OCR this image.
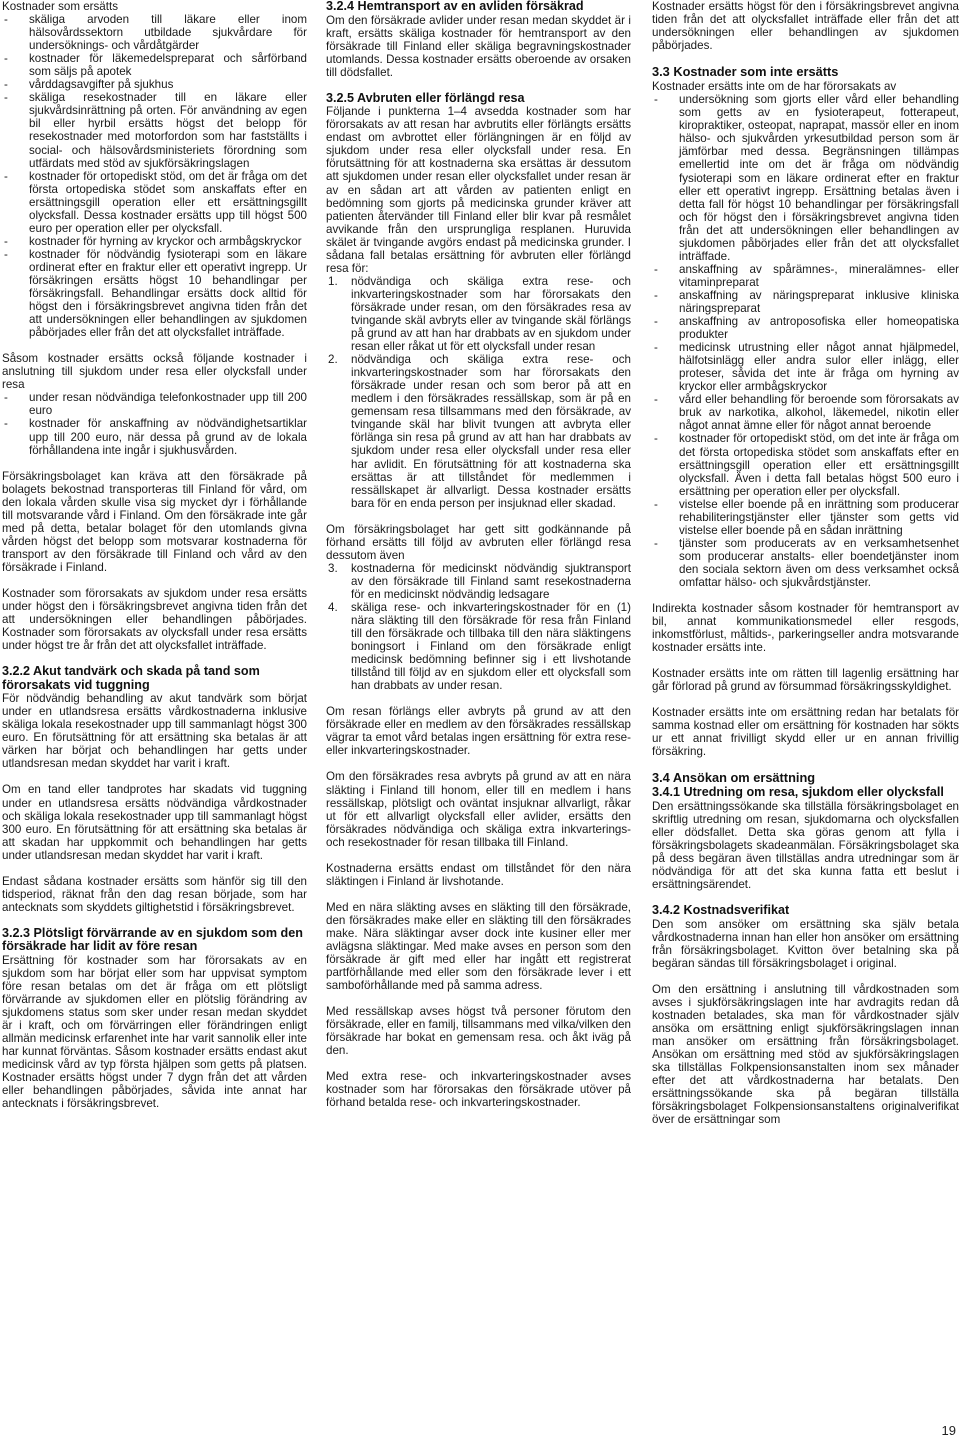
Kostnader som ersätts

- skäliga arvoden till läkare eller inom hälsovårdssektorn utbildade sjukvårdare för undersöknings- och vårdåtgärder
- kostnader för läkemedelspreparat och sårförband som säljs på apotek
- vårddagsavgifter på sjukhus
- skäliga resekostnader till en läkare eller sjukvårdsinrättning på orten. För användning av egen bil eller hyrbil ersätts högst det belopp för resekostnader med motorfordon som har fastställts i social- och hälsovårdsministeriets förordning som utfärdats med stöd av sjukförsäkringslagen
- kostnader för ortopediskt stöd, om det är fråga om det första ortopediska stödet som anskaffats efter en ersättningsgill operation eller ett ersättningsgillt olycksfall. Dessa kostnader ersätts upp till högst 500 euro per operation eller per olycksfall.
- kostnader för hyrning av kryckor och armbågskryckor
- kostnader för nödvändig fysioterapi som en läkare ordinerat efter en fraktur eller ett operativt ingrepp. Ur försäkringen ersätts högst 10 behandlingar per försäkringsfall. Behandlingar ersätts dock alltid för högst den i försäkringsbrevet angivna tiden från det att undersökningen eller behandlingen av sjukdomen påbörjades eller från det att olycksfallet inträffade.

Såsom kostnader ersätts också följande kostnader i anslutning till sjukdom under resa eller olycksfall under resa

- under resan nödvändiga telefonkostnader upp till 200 euro
- kostnader för anskaffning av nödvändighetsartiklar upp till 200 euro, när dessa på grund av de lokala förhållandena inte ingår i sjukhusvården.

Försäkringsbolaget kan kräva att den försäkrade på bolagets bekostnad transporteras till Finland för vård, om den lokala vården skulle visa sig mycket dyr i förhållande till motsvarande vård i Finland. Om den försäkrade inte går med på detta, betalar bolaget för den utomlands givna vården högst det belopp som motsvarar kostnaderna för transport av den försäkrade till Finland och vård av den försäkrade i Finland.

Kostnader som förorsakats av sjukdom under resa ersätts under högst den i försäkringsbrevet angivna tiden från det att undersökningen eller behandlingen påbörjades. Kostnader som förorsakats av olycksfall under resa ersätts under högst tre år från det att olycksfallet inträffade.

3.2.2 Akut tandvärk och skada på tand som förorsakats vid tuggning

För nödvändig behandling av akut tandvärk som börjat under en utlandsresa ersätts vårdkostnaderna inklusive skäliga lokala resekostnader upp till sammanlagt högst 300 euro. En förutsättning för att ersättning ska betalas är att värken har börjat och behandlingen har getts under utlandsresan medan skyddet har varit i kraft.

Om en tand eller tandprotes har skadats vid tuggning under en utlandsresa ersätts nödvändiga vårdkostnader och skäliga lokala resekostnader upp till sammanlagt högst 300 euro. En förutsättning för att ersättning ska betalas är att skadan har uppkommit och behandlingen har getts under utlandsresan medan skyddet har varit i kraft.

Endast sådana kostnader ersätts som hänför sig till den tidsperiod, räknat från den dag resan började, som har antecknats som skyddets giltighetstid i försäkringsbrevet.

3.2.3 Plötsligt förvärrande av en sjukdom som den försäkrade har lidit av före resan

Ersättning för kostnader som har förorsakats av en sjukdom som har börjat eller som har uppvisat symptom före resan betalas om det är fråga om ett plötsligt förvärrande av sjukdomen eller en plötslig förändring av sjukdomens status som sker under resan medan skyddet är i kraft, och om förvärringen eller förändringen enligt allmän medicinsk erfarenhet inte har varit sannolik eller inte har kunnat förväntas. Såsom kostnader ersätts endast akut medicinsk vård av typ första hjälpen som getts på platsen. Kostnader ersätts högst under 7 dygn från det att vården eller behandlingen påbörjades, såvida inte annat har antecknats i försäkringsbrevet.

3.2.4 Hemtransport av en avliden försäkrad

Om den försäkrade avlider under resan medan skyddet är i kraft, ersätts skäliga kostnader för hemtransport av den försäkrade till Finland eller skäliga begravningskostnader utomlands. Dessa kostnader ersätts oberoende av orsaken till dödsfallet.

3.2.5 Avbruten eller förlängd resa

Följande i punkterna 1–4 avsedda kostnader som har förorsakats av att resan har avbrutits eller förlängts ersätts endast om avbrottet eller förlängningen är en följd av sjukdom under resa eller olycksfall under resa. En förutsättning för att kostnaderna ska ersättas är dessutom att sjukdomen under resan eller olycksfallet under resan är av en sådan art att vården av patienten enligt en bedömning som gjorts på medicinska grunder kräver att patienten återvänder till Finland eller blir kvar på resmålet avvikande från den ursprungliga resplanen. Huruvida skälet är tvingande avgörs endast på medicinska grunder. I sådana fall betalas ersättning för avbruten eller förlängd resa för:

1. nödvändiga och skäliga extra rese- och inkvarteringskostnader som har förorsakats den försäkrade under resan, om den försäkrades resa av tvingande skäl avbryts eller av tvingande skäl förlängs på grund av att han har drabbats av en sjukdom under resan eller råkat ut för ett olycksfall under resan
2. nödvändiga och skäliga extra rese- och inkvarteringskostnader som har förorsakats den försäkrade under resan och som beror på att en medlem i den försäkrades ressällskap, som är på en gemensam resa tillsammans med den försäkrade, av tvingande skäl har blivit tvungen att avbryta eller förlänga sin resa på grund av att han har drabbats av sjukdom under resa eller olycksfall under resa eller har avlidit. En förutsättning för att kostnaderna ska ersättas är att tillståndet för medlemmen i ressällskapet är allvarligt. Dessa kostnader ersätts bara för en enda person per insjuknad eller skadad.

Om försäkringsbolaget har gett sitt godkännande på förhand ersätts till följd av avbruten eller förlängd resa dessutom även

3. kostnaderna för medicinskt nödvändig sjuktransport av den försäkrade till Finland samt resekostnaderna för en medicinskt nödvändig ledsagare
4. skäliga rese- och inkvarteringskostnader för en (1) nära släkting till den försäkrade för resa från Finland till den försäkrade och tillbaka till den nära släktingens boningsort i Finland om den försäkrade enligt medicinsk bedömning befinner sig i ett livshotande tillstånd till följd av en sjukdom eller ett olycksfall som han drabbats av under resan.

Om resan förlängs eller avbryts på grund av att den försäkrade eller en medlem av den försäkrades ressällskap vägrar ta emot vård betalas ingen ersättning för extra rese- eller inkvarteringskostnader.

Om den försäkrades resa avbryts på grund av att en nära släkting i Finland till honom, eller till en medlem i hans ressällskap, plötsligt och oväntat insjuknar allvarligt, råkar ut för ett allvarligt olycksfall eller avlider, ersätts den försäkrades nödvändiga och skäliga extra inkvarterings- och resekostnader för resan tillbaka till Finland.

Kostnaderna ersätts endast om tillståndet för den nära släktingen i Finland är livshotande.

Med en nära släkting avses en släkting till den försäkrade, den försäkrades make eller en släkting till den försäkrades make. Nära släktingar avser dock inte kusiner eller mer avlägsna släktingar. Med make avses en person som den försäkrade är gift med eller har ingått ett registrerat partförhållande med eller som den försäkrade lever i ett samboförhållande med på samma adress.

Med ressällskap avses högst två personer förutom den försäkrade, eller en familj, tillsammans med vilka/vilken den försäkrade har bokat en gemensam resa. och åkt iväg på den.

Med extra rese- och inkvarteringskostnader avses kostnader som har förorsakas den försäkrade utöver på förhand betalda rese- och inkvarteringskostnader.

Kostnader ersätts högst för den i försäkringsbrevet angivna tiden från det att olycksfallet inträffade eller från det att undersökningen eller behandlingen av sjukdomen påbörjades.

3.3 Kostnader som inte ersätts

Kostnader ersätts inte om de har förorsakats av

- undersökning som gjorts eller vård eller behandling som getts av en fysioterapeut, fotterapeut, kiropraktiker, osteopat, naprapat, massör eller en inom hälso- och sjukvården yrkesutbildad person som är jämförbar med dessa. Begränsningen tillämpas emellertid inte om det är fråga om nödvändig fysioterapi som en läkare ordinerat efter en fraktur eller ett operativt ingrepp. Ersättning betalas även i detta fall för högst 10 behandlingar per försäkringsfall och för högst den i försäkringsbrevet angivna tiden från det att undersökningen eller behandlingen av sjukdomen påbörjades eller från det att olycksfallet inträffade.
- anskaffning av spårämnes-, mineralämnes- eller vitaminpreparat
- anskaffning av näringspreparat inklusive kliniska näringspreparat
- anskaffning av antroposofiska eller homeopatiska produkter
- medicinsk utrustning eller något annat hjälpmedel, hälfotsinlägg eller andra sulor eller inlägg, eller proteser, såvida det inte är fråga om hyrning av kryckor eller armbågskryckor
- vård eller behandling för beroende som förorsakats av bruk av narkotika, alkohol, läkemedel, nikotin eller något annat ämne eller för något annat beroende
- kostnader för ortopediskt stöd, om det inte är fråga om det första ortopediska stödet som anskaffats efter en ersättningsgill operation eller ett ersättningsgillt olycksfall. Även i detta fall betalas högst 500 euro i ersättning per operation eller per olycksfall.
- vistelse eller boende på en inrättning som producerar rehabiliteringstjänster eller tjänster som getts vid vistelse eller boende på en sådan inrättning
- tjänster som producerats av en verksamhetsenhet som producerar anstalts- eller boendetjänster inom den sociala sektorn även om dess verksamhet också omfattar hälso- och sjukvårdstjänster.

Indirekta kostnader såsom kostnader för hemtransport av bil, annat kommunikationsmedel eller resgods, inkomstförlust, måltids-, parkeringseller andra motsvarande kostnader ersätts inte.

Kostnader ersätts inte om rätten till lagenlig ersättning har går förlorad på grund av försummad försäkringsskyldighet.

Kostnader ersätts inte om ersättning redan har betalats för samma kostnad eller om ersättning för kostnaden har sökts ur ett annat frivilligt skydd eller ur en annan frivillig försäkring.

3.4 Ansökan om ersättning
3.4.1 Utredning om resa, sjukdom eller olycksfall

Den ersättningssökande ska tillställa försäkringsbolaget en skriftlig utredning om resan, sjukdomarna och olycksfallen eller dödsfallet. Detta ska göras genom att fylla i försäkringsbolagets skadeanmälan. Försäkringsbolaget ska på dess begäran även tillställas andra utredningar som är nödvändiga för att det ska kunna fatta ett beslut i ersättningsärendet.

3.4.2 Kostnadsverifikat

Den som ansöker om ersättning ska själv betala vårdkostnaderna innan han eller hon ansöker om ersättning från försäkringsbolaget. Kvitton över betalning ska på begäran sändas till försäkringsbolaget i original.

Om den ersättning i anslutning till vårdkostnaden som avses i sjukförsäkringslagen inte har avdragits redan då kostnaden betalades, ska man för vårdkostnader själv ansöka om ersättning enligt sjukförsäkringslagen innan man ansöker om ersättning från försäkringsbolaget. Ansökan om ersättning med stöd av sjukförsäkringslagen ska tillställas Folkpensionsanstalten inom sex månader efter det att vårdkostnaderna har betalats. Den ersättningssökande ska på begäran tillställa försäkringsbolaget Folkpensionsanstaltens originalverifikat över de ersättningar som

19
